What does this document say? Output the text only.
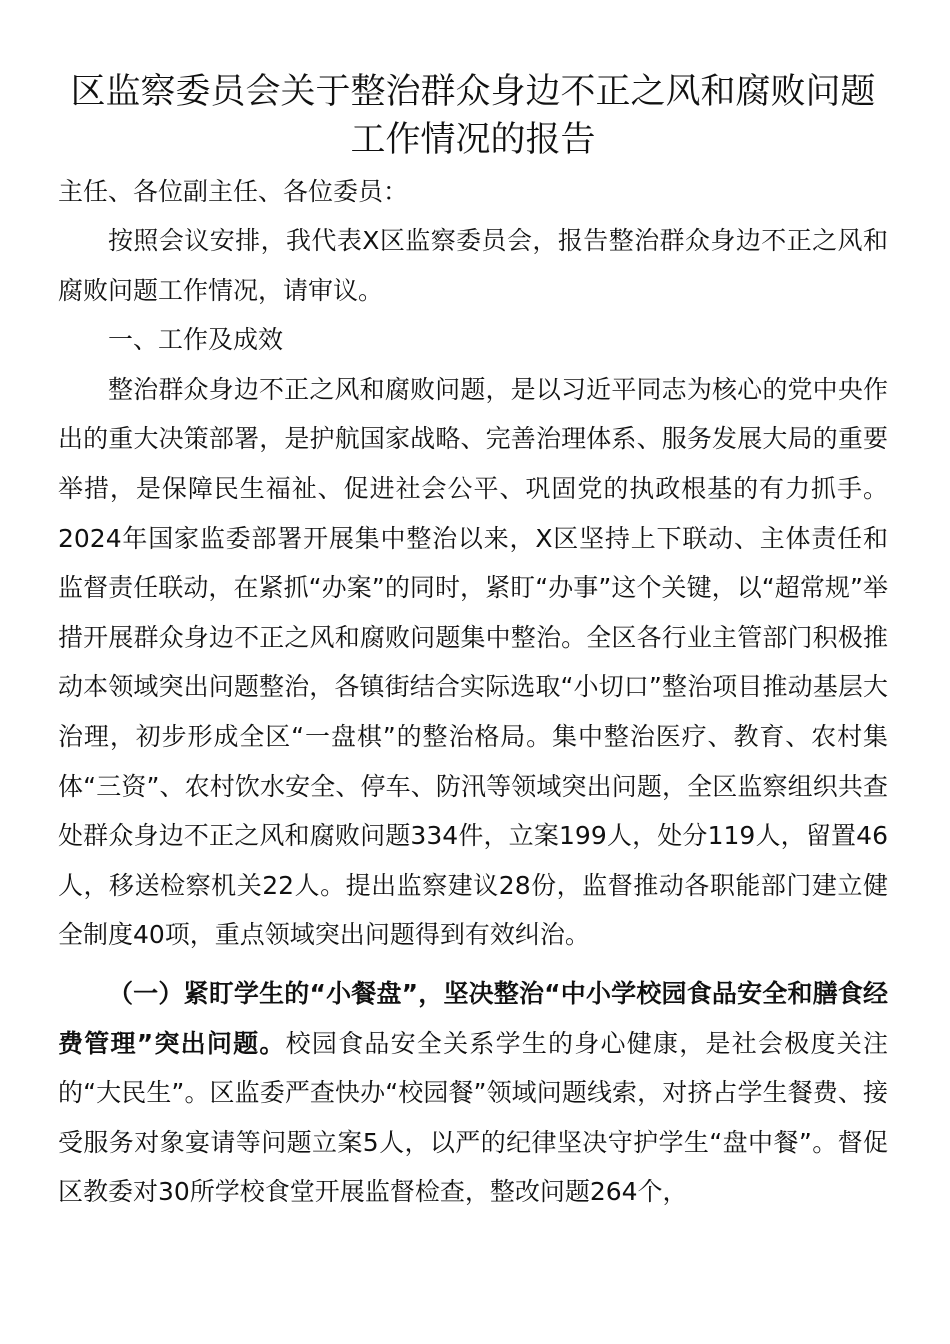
区监察委员会关于整治群众身边不正之风和腐败问题工作情况的报告

主任、各位副主任、各位委员：

按照会议安排，我代表X区监察委员会，报告整治群众身边不正之风和腐败问题工作情况，请审议。

一、工作及成效

整治群众身边不正之风和腐败问题，是以习近平同志为核心的党中央作出的重大决策部署，是护航国家战略、完善治理体系、服务发展大局的重要举措，是保障民生福祉、促进社会公平、巩固党的执政根基的有力抓手。2024年国家监委部署开展集中整治以来，X区坚持上下联动、主体责任和监督责任联动，在紧抓“办案”的同时，紧盯“办事”这个关键，以“超常规”举措开展群众身边不正之风和腐败问题集中整治。全区各行业主管部门积极推动本领域突出问题整治，各镇街结合实际选取“小切口”整治项目推动基层大治理，初步形成全区“一盘棋”的整治格局。集中整治医疗、教育、农村集体“三资”、农村饮水安全、停车、防汛等领域突出问题，全区监察组织共查处群众身边不正之风和腐败问题334件，立案199人，处分119人，留置46人，移送检察机关22人。提出监察建议28份，监督推动各职能部门建立健全制度40项，重点领域突出问题得到有效纠治。

（一）紧盯学生的“小餐盘”，坚决整治“中小学校园食品安全和膳食经费管理”突出问题。校园食品安全关系学生的身心健康，是社会极度关注的“大民生”。区监委严查快办“校园餐”领域问题线索，对挤占学生餐费、接受服务对象宴请等问题立案5人，以严的纪律坚决守护学生“盘中餐”。督促区教委对30所学校食堂开展监督检查，整改问题264个，
